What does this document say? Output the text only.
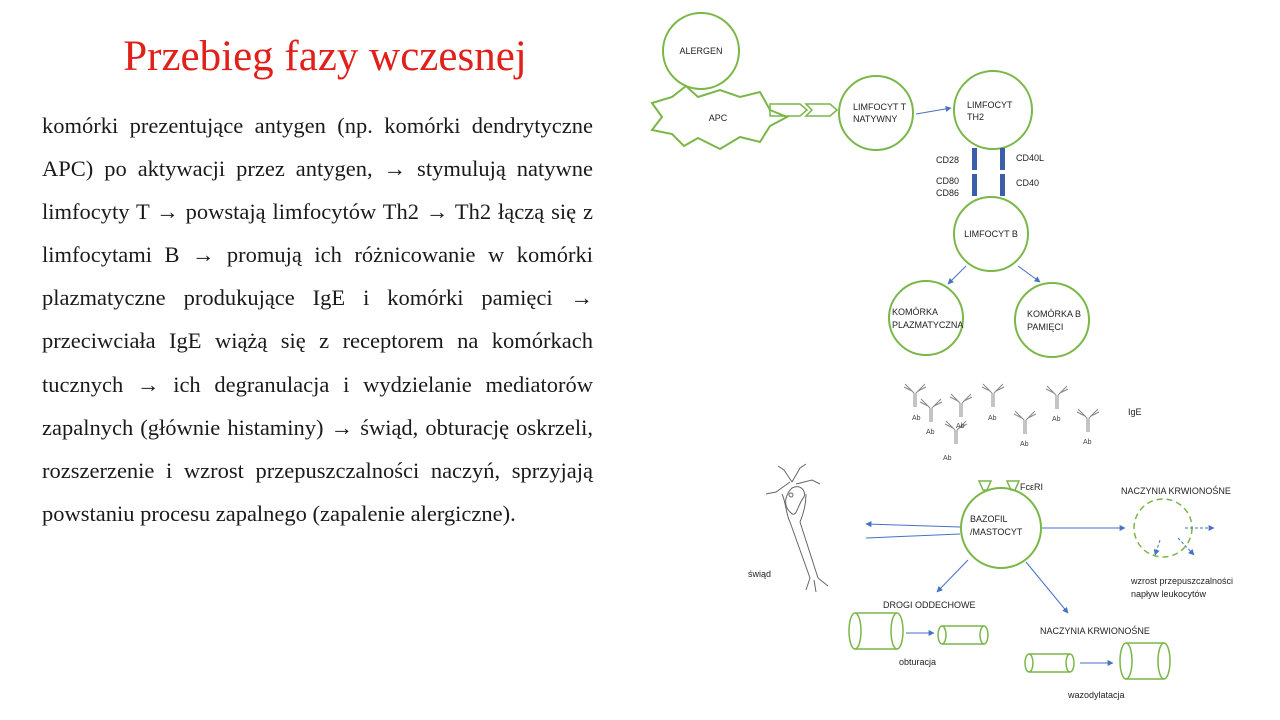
Przebieg fazy wczesnej

komórki prezentujące antygen (np. komórki dendrytyczne APC) po aktywacji przez antygen, → stymulują natywne limfocyty T → powstają limfocytów Th2 → Th2 łączą się z limfocytami B → promują ich różnicowanie w komórki plazmatyczne produkujące IgE i komórki pamięci → przeciwciała IgE wiążą się z receptorem na komórkach tucznych → ich degranulacja i wydzielanie mediatorów zapalnych (głównie histaminy) → świąd, obturację oskrzeli, rozszerzenie i wzrost przepuszczalności naczyń, sprzyjają powstaniu procesu zapalnego (zapalenie alergiczne).

ALERGEN
APC
LIMFOCYT T
NATYWNY
LIMFOCYT
TH2
CD28
CD80
CD86
CD40L
CD40
LIMFOCYT B
KOMÓRKA
PLAZMATYCZNA
KOMÓRKA B
PAMIĘCI
Ab
Ab
Ab
Ab
Ab
Ab
Ab
Ab
IgE
świąd
FcεRI
BAZOFIL
/MASTOCYT
NACZYNIA KRWIONOŚNE
wzrost przepuszczalności
napływ leukocytów
DROGI ODDECHOWE
obturacja
NACZYNIA KRWIONOŚNE
wazodylatacja
